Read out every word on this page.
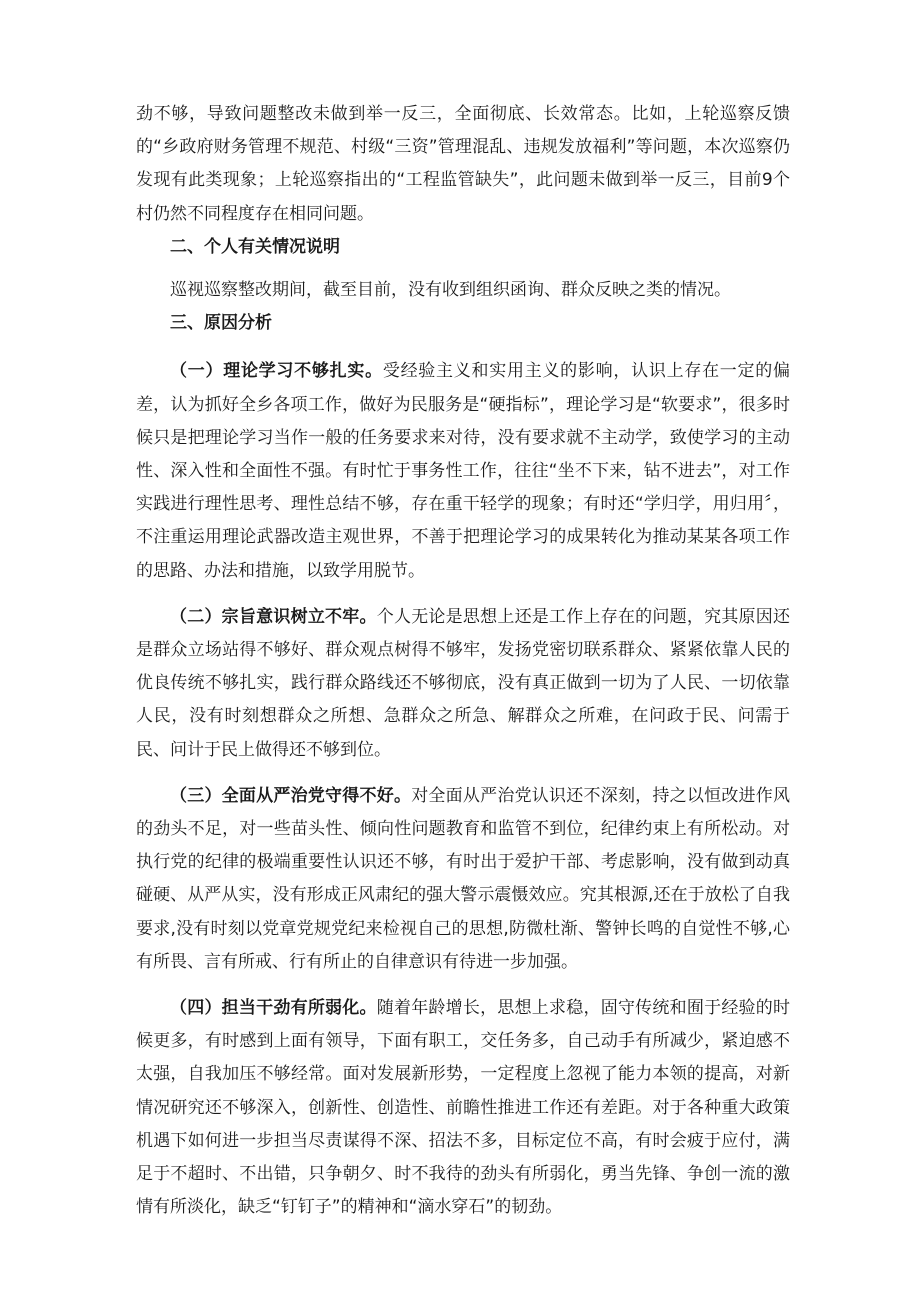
劲不够，导致问题整改未做到举一反三，全面彻底、长效常态。比如，上轮巡察反馈的“乡政府财务管理不规范、村级“三资”管理混乱、违规发放福利”等问题，本次巡察仍发现有此类现象；上轮巡察指出的“工程监管缺失”，此问题未做到举一反三，目前9个村仍然不同程度存在相同问题。

二、个人有关情况说明

巡视巡察整改期间，截至目前，没有收到组织函询、群众反映之类的情况。

三、原因分析

（一）理论学习不够扎实。受经验主义和实用主义的影响，认识上存在一定的偏差，认为抓好全乡各项工作，做好为民服务是“硬指标”，理论学习是“软要求”，很多时候只是把理论学习当作一般的任务要求来对待，没有要求就不主动学，致使学习的主动性、深入性和全面性不强。有时忙于事务性工作，往往“坐不下来，钻不进去”，对工作实践进行理性思考、理性总结不够，存在重干轻学的现象；有时还“学归学，用归用〞，不注重运用理论武器改造主观世界，不善于把理论学习的成果转化为推动某某各项工作的思路、办法和措施，以致学用脱节。

（二）宗旨意识树立不牢。个人无论是思想上还是工作上存在的问题，究其原因还是群众立场站得不够好、群众观点树得不够牢，发扬党密切联系群众、紧紧依靠人民的优良传统不够扎实，践行群众路线还不够彻底，没有真正做到一切为了人民、一切依靠人民，没有时刻想群众之所想、急群众之所急、解群众之所难，在问政于民、问需于民、问计于民上做得还不够到位。

（三）全面从严治党守得不好。对全面从严治党认识还不深刻，持之以恒改进作风的劲头不足，对一些苗头性、倾向性问题教育和监管不到位，纪律约束上有所松动。对执行党的纪律的极端重要性认识还不够，有时出于爱护干部、考虑影响，没有做到动真碰硬、从严从实，没有形成正风肃纪的强大警示震慑效应。究其根源,还在于放松了自我要求,没有时刻以党章党规党纪来检视自己的思想,防微杜渐、警钟长鸣的自觉性不够,心有所畏、言有所戒、行有所止的自律意识有待进一步加强。

（四）担当干劲有所弱化。随着年龄增长，思想上求稳，固守传统和囿于经验的时候更多，有时感到上面有领导，下面有职工，交任务多，自己动手有所减少，紧迫感不太强，自我加压不够经常。面对发展新形势，一定程度上忽视了能力本领的提高，对新情况研究还不够深入，创新性、创造性、前瞻性推进工作还有差距。对于各种重大政策机遇下如何进一步担当尽责谋得不深、招法不多，目标定位不高，有时会疲于应付，满足于不超时、不出错，只争朝夕、时不我待的劲头有所弱化，勇当先锋、争创一流的激情有所淡化，缺乏“钉钉子”的精神和“滴水穿石”的韧劲。
